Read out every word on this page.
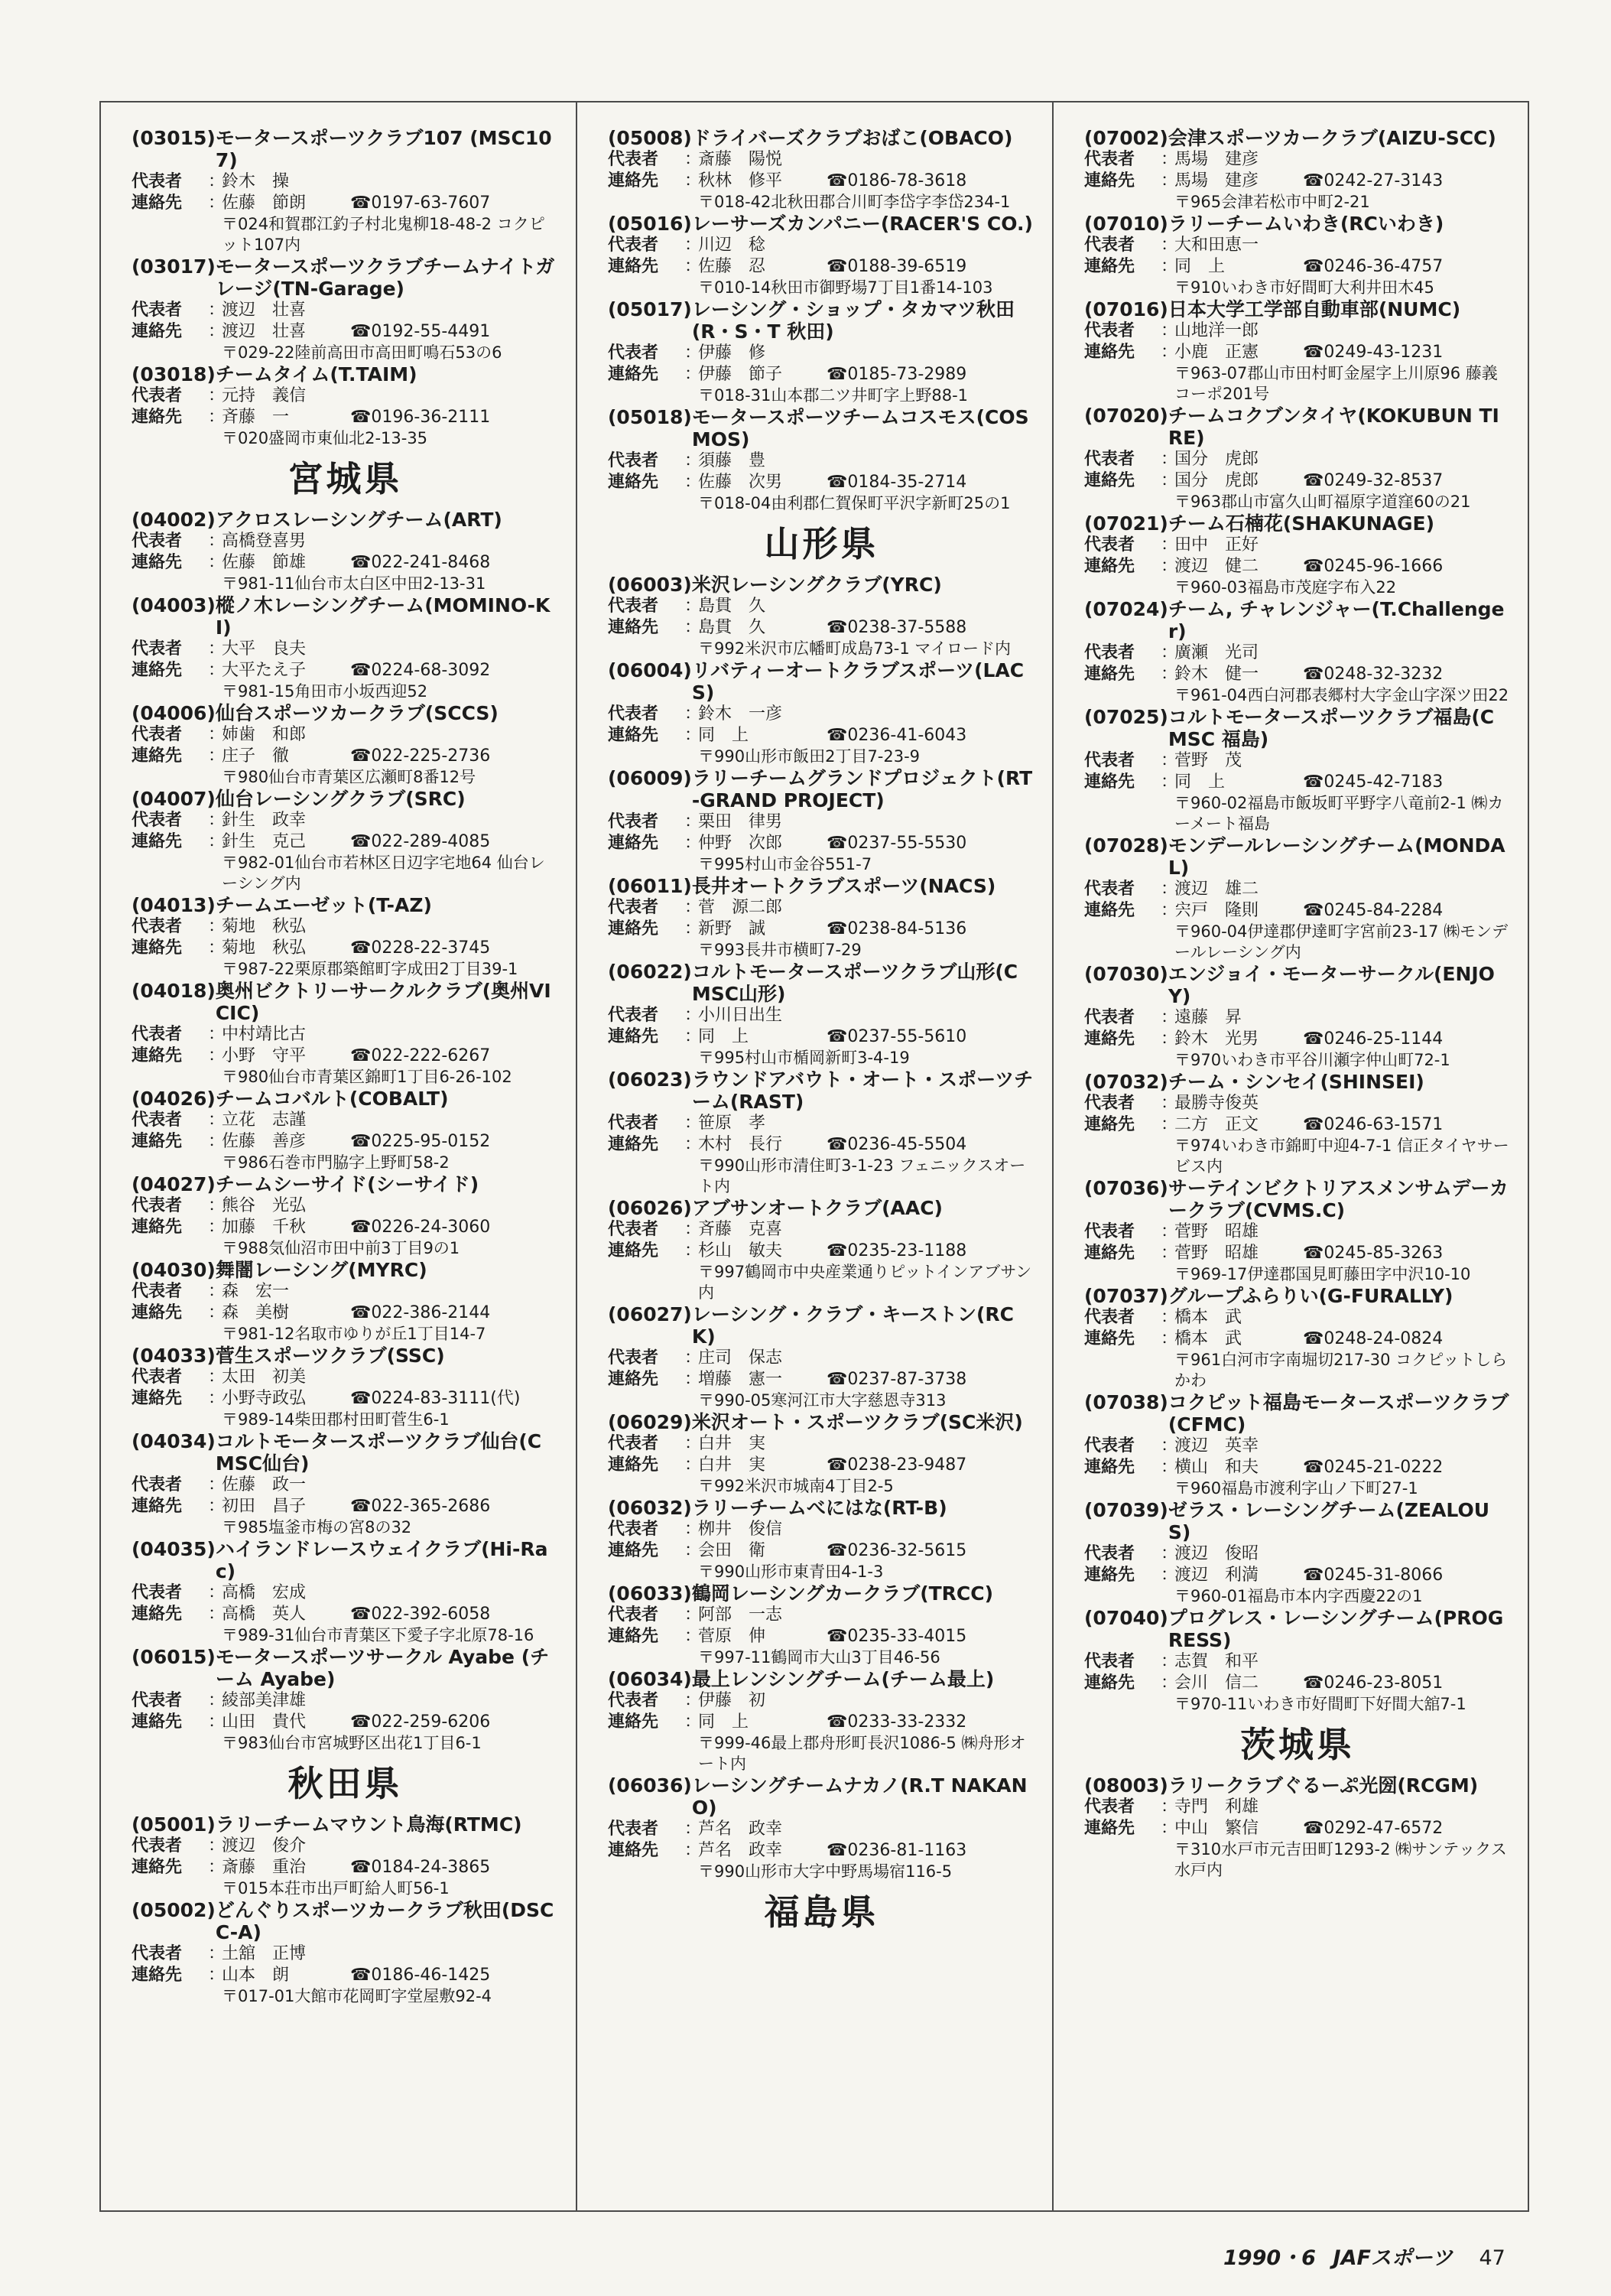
(03015) モータースポーツクラブ107 (MSC107)
代表者	：
鈴木　操
連絡先	：
佐藤　節朗	☎0197-63-7607
〒024和賀郡江釣子村北鬼柳18-48-2 コクピット107内
(03017) モータースポーツクラブチームナイトガレージ(TN-Garage)
代表者	：
渡辺　壮喜
連絡先	：
渡辺　壮喜	☎0192-55-4491
〒029-22陸前高田市高田町鳴石53の6
(03018) チームタイム(T.TAIM)
代表者	：
元持　義信
連絡先	：
斉藤　一	☎0196-36-2111
〒020盛岡市東仙北2-13-35
宮城県
(04002) アクロスレーシングチーム(ART)
代表者	：
高橋登喜男
連絡先	：
佐藤　節雄	☎022-241-8468
〒981-11仙台市太白区中田2-13-31
(04003) 樅ノ木レーシングチーム(MOMINO-KI)
代表者	：
大平　良夫
連絡先	：
大平たえ子	☎0224-68-3092
〒981-15角田市小坂西迎52
(04006) 仙台スポーツカークラブ(SCCS)
代表者	：
姉歯　和郎
連絡先	：
庄子　徹	☎022-225-2736
〒980仙台市青葉区広瀬町8番12号
(04007) 仙台レーシングクラブ(SRC)
代表者	：
針生　政幸
連絡先	：
針生　克己	☎022-289-4085
〒982-01仙台市若林区日辺字宅地64 仙台レーシング内
(04013) チームエーゼット(T-AZ)
代表者	：
菊地　秋弘
連絡先	：
菊地　秋弘	☎0228-22-3745
〒987-22栗原郡築館町字成田2丁目39-1
(04018) 奥州ビクトリーサークルクラブ(奥州VICIC)
代表者	：
中村靖比古
連絡先	：
小野　守平	☎022-222-6267
〒980仙台市青葉区錦町1丁目6-26-102
(04026) チームコバルト(COBALT)
代表者	：
立花　志謹
連絡先	：
佐藤　善彦	☎0225-95-0152
〒986石巻市門脇字上野町58-2
(04027) チームシーサイド(シーサイド)
代表者	：
熊谷　光弘
連絡先	：
加藤　千秋	☎0226-24-3060
〒988気仙沼市田中前3丁目9の1
(04030) 舞闇レーシング(MYRC)
代表者	：
森　宏一
連絡先	：
森　美樹	☎022-386-2144
〒981-12名取市ゆりが丘1丁目14-7
(04033) 菅生スポーツクラブ(SSC)
代表者	：
太田　初美
連絡先	：
小野寺政弘	☎0224-83-3111(代)
〒989-14柴田郡村田町菅生6-1
(04034) コルトモータースポーツクラブ仙台(CMSC仙台)
代表者	：
佐藤　政一
連絡先	：
初田　昌子	☎022-365-2686
〒985塩釜市梅の宮8の32
(04035) ハイランドレースウェイクラブ(Hi-Rac)
代表者	：
高橋　宏成
連絡先	：
高橋　英人	☎022-392-6058
〒989-31仙台市青葉区下愛子字北原78-16
(06015) モータースポーツサークル Ayabe (チーム Ayabe)
代表者	：
綾部美津雄
連絡先	：
山田　貴代	☎022-259-6206
〒983仙台市宮城野区出花1丁目6-1
秋田県
(05001) ラリーチームマウント鳥海(RTMC)
代表者	：
渡辺　俊介
連絡先	：
斎藤　重治	☎0184-24-3865
〒015本荘市出戸町給人町56-1
(05002) どんぐりスポーツカークラブ秋田(DSCC-A)
代表者	：
土舘　正博
連絡先	：
山本　朗	☎0186-46-1425
〒017-01大館市花岡町字堂屋敷92-4
(05008) ドライバーズクラブおばこ(OBACO)
代表者	：
斎藤　陽悦
連絡先	：
秋林　修平	☎0186-78-3618
〒018-42北秋田郡合川町李岱字李岱234-1
(05016) レーサーズカンパニー(RACER'S CO.)
代表者	：
川辺　稔
連絡先	：
佐藤　忍	☎0188-39-6519
〒010-14秋田市御野場7丁目1番14-103
(05017) レーシング・ショップ・タカマツ秋田(R・S・T 秋田)
代表者	：
伊藤　修
連絡先	：
伊藤　節子	☎0185-73-2989
〒018-31山本郡二ツ井町字上野88-1
(05018) モータースポーツチームコスモス(COSMOS)
代表者	：
須藤　豊
連絡先	：
佐藤　次男	☎0184-35-2714
〒018-04由利郡仁賀保町平沢字新町25の1
山形県
(06003) 米沢レーシングクラブ(YRC)
代表者	：
島貫　久
連絡先	：
島貫　久	☎0238-37-5588
〒992米沢市広幡町成島73-1 マイロード内
(06004) リバティーオートクラブスポーツ(LACS)
代表者	：
鈴木　一彦
連絡先	：
同　上	☎0236-41-6043
〒990山形市飯田2丁目7-23-9
(06009) ラリーチームグランドプロジェクト(RT-GRAND PROJECT)
代表者	：
栗田　律男
連絡先	：
仲野　次郎	☎0237-55-5530
〒995村山市金谷551-7
(06011) 長井オートクラブスポーツ(NACS)
代表者	：
菅　源二郎
連絡先	：
新野　誠	☎0238-84-5136
〒993長井市横町7-29
(06022) コルトモータースポーツクラブ山形(CMSC山形)
代表者	：
小川日出生
連絡先	：
同　上	☎0237-55-5610
〒995村山市楯岡新町3-4-19
(06023) ラウンドアバウト・オート・スポーツチーム(RAST)
代表者	：
笹原　孝
連絡先	：
木村　長行	☎0236-45-5504
〒990山形市清住町3-1-23 フェニックスオート内
(06026) アブサンオートクラブ(AAC)
代表者	：
斉藤　克喜
連絡先	：
杉山　敏夫	☎0235-23-1188
〒997鶴岡市中央産業通りピットインアブサン内
(06027) レーシング・クラブ・キーストン(RCK)
代表者	：
庄司　保志
連絡先	：
増藤　憲一	☎0237-87-3738
〒990-05寒河江市大字慈恩寺313
(06029) 米沢オート・スポーツクラブ(SC米沢)
代表者	：
白井　実
連絡先	：
白井　実	☎0238-23-9487
〒992米沢市城南4丁目2-5
(06032) ラリーチームべにはな(RT-B)
代表者	：
栁井　俊信
連絡先	：
会田　衛	☎0236-32-5615
〒990山形市東青田4-1-3
(06033) 鶴岡レーシングカークラブ(TRCC)
代表者	：
阿部　一志
連絡先	：
菅原　伸	☎0235-33-4015
〒997-11鶴岡市大山3丁目46-56
(06034) 最上レンシングチーム(チーム最上)
代表者	：
伊藤　初
連絡先	：
同　上	☎0233-33-2332
〒999-46最上郡舟形町長沢1086-5 ㈱舟形オート内
(06036) レーシングチームナカノ(R.T NAKANO)
代表者	：
芦名　政幸
連絡先	：
芦名　政幸	☎0236-81-1163
〒990山形市大字中野馬場宿116-5
福島県
(07002) 会津スポーツカークラブ(AIZU-SCC)
代表者	：
馬場　建彦
連絡先	：
馬場　建彦	☎0242-27-3143
〒965会津若松市中町2-21
(07010) ラリーチームいわき(RCいわき)
代表者	：
大和田恵一
連絡先	：
同　上	☎0246-36-4757
〒910いわき市好間町大利井田木45
(07016) 日本大学工学部自動車部(NUMC)
代表者	：
山地洋一郎
連絡先	：
小鹿　正憲	☎0249-43-1231
〒963-07郡山市田村町金屋字上川原96 藤義コーポ201号
(07020) チームコクブンタイヤ(KOKUBUN TIRE)
代表者	：
国分　虎郎
連絡先	：
国分　虎郎	☎0249-32-8537
〒963郡山市富久山町福原字道窪60の21
(07021) チーム石楠花(SHAKUNAGE)
代表者	：
田中　正好
連絡先	：
渡辺　健二	☎0245-96-1666
〒960-03福島市茂庭字布入22
(07024) チーム, チャレンジャー(T.Challenger)
代表者	：
廣瀬　光司
連絡先	：
鈴木　健一	☎0248-32-3232
〒961-04西白河郡表郷村大字金山字深ツ田22
(07025) コルトモータースポーツクラブ福島(CMSC 福島)
代表者	：
菅野　茂
連絡先	：
同　上	☎0245-42-7183
〒960-02福島市飯坂町平野字八竜前2-1 ㈱カーメート福島
(07028) モンデールレーシングチーム(MONDAL)
代表者	：
渡辺　雄二
連絡先	：
宍戸　隆則	☎0245-84-2284
〒960-04伊達郡伊達町字宮前23-17 ㈱モンデールレーシング内
(07030) エンジョイ・モーターサークル(ENJOY)
代表者	：
遠藤　昇
連絡先	：
鈴木　光男	☎0246-25-1144
〒970いわき市平谷川瀬字仲山町72-1
(07032) チーム・シンセイ(SHINSEI)
代表者	：
最勝寺俊英
連絡先	：
二方　正文	☎0246-63-1571
〒974いわき市錦町中迎4-7-1 信正タイヤサービス内
(07036) サーテインビクトリアスメンサムデーカークラブ(CVMS.C)
代表者	：
菅野　昭雄
連絡先	：
菅野　昭雄	☎0245-85-3263
〒969-17伊達郡国見町藤田字中沢10-10
(07037) グループふらりい(G-FURALLY)
代表者	：
橋本　武
連絡先	：
橋本　武	☎0248-24-0824
〒961白河市字南堀切217-30 コクピットしらかわ
(07038) コクピット福島モータースポーツクラブ(CFMC)
代表者	：
渡辺　英幸
連絡先	：
横山　和夫	☎0245-21-0222
〒960福島市渡利字山ノ下町27-1
(07039) ゼラス・レーシングチーム(ZEALOUS)
代表者	：
渡辺　俊昭
連絡先	：
渡辺　利満	☎0245-31-8066
〒960-01福島市本内字西慶22の1
(07040) プログレス・レーシングチーム(PROGRESS)
代表者	：
志賀　和平
連絡先	：
会川　信二	☎0246-23-8051
〒970-11いわき市好間町下好間大舘7-1
茨城県
(08003) ラリークラブぐるーぷ光圀(RCGM)
代表者	：
寺門　利雄
連絡先	：
中山　繁信	☎0292-47-6572
〒310水戸市元吉田町1293-2 ㈱サンテックス水戸内
1990・6 JAFスポーツ 47
